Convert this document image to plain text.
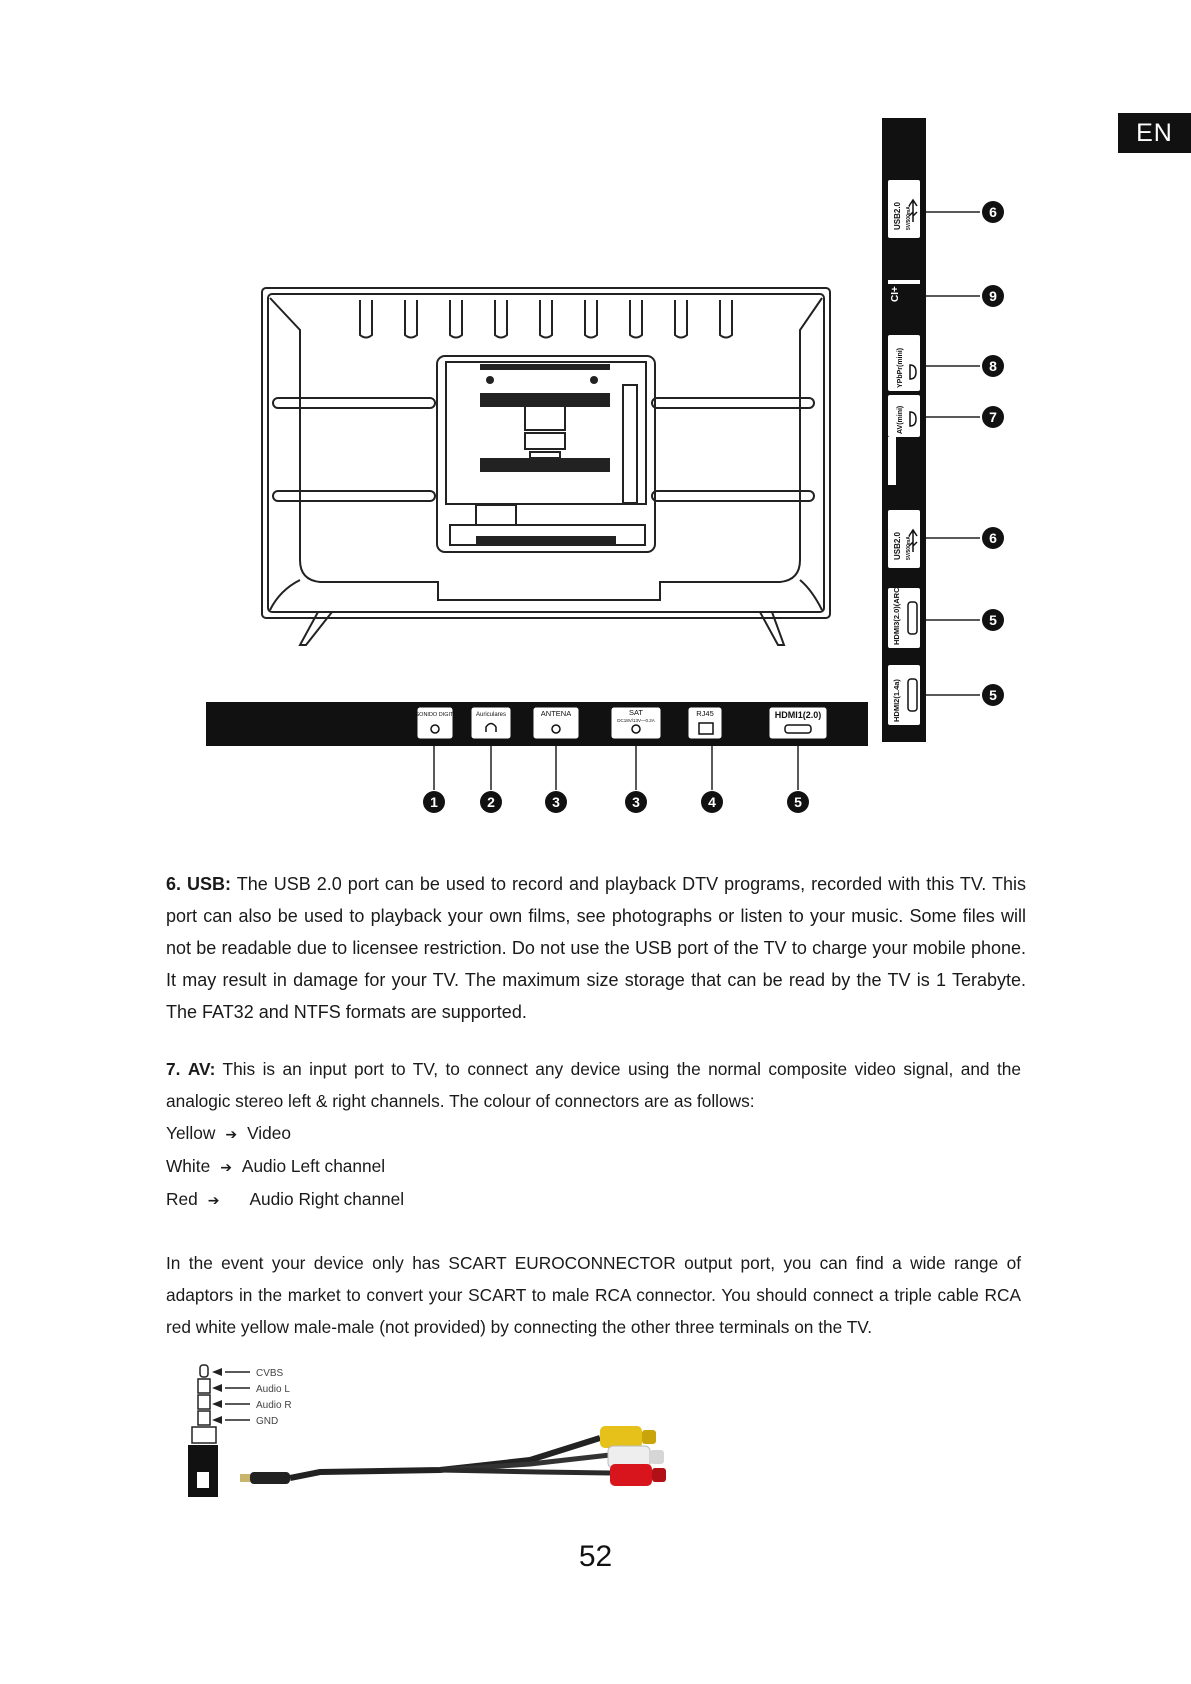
EN
S.SONIDO DIGITAL	Auriculares	ANTENA	SAT
DC18V/13V—0.2A
RJ45	HDMI1(2.0)
1	2	3	3	4	5
USB2.0 5V/500mA
CI+
YPbPr(mini)
AV(mini)
USB2.0 5V/500mA
HDMI3(2.0)(ARC)
HDMI2(1.4a)
6
9
8
7
6
5
5

6. USB: The USB 2.0 port can be used to record and playback DTV programs, recorded with this TV. This port can also be used to playback your own films, see photographs or listen to your music. Some files will not be readable due to licensee restriction. Do not use the USB port of the TV to charge your mobile phone. It may result in damage for your TV. The maximum size storage that can be read by the TV is 1 Terabyte. The FAT32 and NTFS formats are supported.

7. AV: This is an input port to TV, to connect any device using the normal composite video signal, and the analogic stereo left & right channels. The colour of connectors are as follows:

Yellow ➔ Video
White ➔ Audio Left channel
Red ➔ Audio Right channel

In the event your device only has SCART EUROCONNECTOR output port, you can find a wide range of adaptors in the market to convert your SCART to male RCA connector. You should connect a triple cable RCA red white yellow male-male (not provided) by connecting the other three terminals on the TV.

CVBS
Audio L
Audio R
GND
52
